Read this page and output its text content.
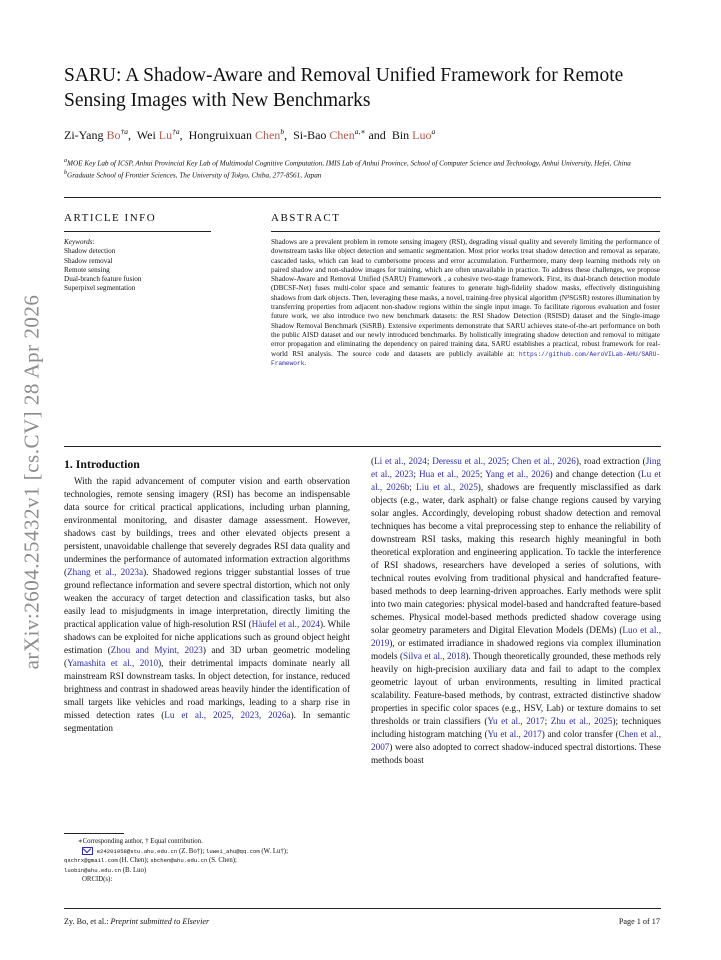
arXiv:2604.25432v1 [cs.CV] 28 Apr 2026
SARU: A Shadow-Aware and Removal Unified Framework for Remote Sensing Images with New Benchmarks
Zi-Yang Bo$^{\dagger a}$, Wei Lu$^{\dagger a}$, Hongruixuan Chen$^b$, Si-Bao Chen$^{a,∗}$ and Bin Luo$^a$
$^a$MOE Key Lab of ICSP, Anhui Provincial Key Lab of Multimodal Cognitive Computation, IMIS Lab of Anhui Province, School of Computer Science and Technology, Anhui University, Hefei, China
$^b$Graduate School of Frontier Sciences, The University of Tokyo, Chiba, 277-8561, Japan
ARTICLE INFO	ABSTRACT
Keywords:
Shadow detection
Shadow removal
Remote sensing
Dual-branch feature fusion
Superpixel segmentation
Shadows are a prevalent problem in remote sensing imagery (RSI), degrading visual quality and severely limiting the performance of downstream tasks like object detection and semantic segmentation. Most prior works treat shadow detection and removal as separate, cascaded tasks, which can lead to cumbersome process and error accumulation. Furthermore, many deep learning methods rely on paired shadow and non-shadow images for training, which are often unavailable in practice. To address these challenges, we propose Shadow-Aware and Removal Unified (SARU) Framework , a cohesive two-stage framework. First, its dual-branch detection module (DBCSF-Net) fuses multi-color space and semantic features to generate high-fidelity shadow masks, effectively distinguishing shadows from dark objects. Then, leveraging these masks, a novel, training-free physical algorithm (N²SGSR) restores illumination by transferring properties from adjacent non-shadow regions within the single input image. To facilitate rigorous evaluation and foster future work, we also introduce two new benchmark datasets: the RSI Shadow Detection (RSISD) dataset and the Single-image Shadow Removal Benchmark (SiSRB). Extensive experiments demonstrate that SARU achieves state-of-the-art performance on both the public AISD dataset and our newly introduced benchmarks. By holistically integrating shadow detection and removal to mitigate error propagation and eliminating the dependency on paired training data, SARU establishes a practical, robust framework for real-world RSI analysis. The source code and datasets are publicly available at: https://github.com/AeroVILab-AHU/SARU-Framework.
1. Introduction

With the rapid advancement of computer vision and earth observation technologies, remote sensing imagery (RSI) has become an indispensable data source for critical practical applications, including urban planning, environmental monitoring, and disaster damage assessment. However, shadows cast by buildings, trees and other elevated objects present a persistent, unavoidable challenge that severely degrades RSI data quality and undermines the performance of automated information extraction algorithms (Zhang et al., 2023a). Shadowed regions trigger substantial losses of true ground reflectance information and severe spectral distortion, which not only weaken the accuracy of target detection and classification tasks, but also easily lead to misjudgments in image interpretation, directly limiting the practical application value of high-resolution RSI (Häufel et al., 2024). While shadows can be exploited for niche applications such as ground object height estimation (Zhou and Myint, 2023) and 3D urban geometric modeling (Yamashita et al., 2010), their detrimental impacts dominate nearly all mainstream RSI downstream tasks. In object detection, for instance, reduced brightness and contrast in shadowed areas heavily hinder the identification of small targets like vehicles and road markings, leading to a sharp rise in missed detection rates (Lu et al., 2025, 2023, 2026a). In semantic segmentation

(Li et al., 2024; Deressu et al., 2025; Chen et al., 2026), road extraction (Jing et al., 2023; Hua et al., 2025; Yang et al., 2026) and change detection (Lu et al., 2026b; Liu et al., 2025), shadows are frequently misclassified as dark objects (e.g., water, dark asphalt) or false change regions caused by varying solar angles. Accordingly, developing robust shadow detection and removal techniques has become a vital preprocessing step to enhance the reliability of downstream RSI tasks, making this research highly meaningful in both theoretical exploration and engineering application. To tackle the interference of RSI shadows, researchers have developed a series of solutions, with technical routes evolving from traditional physical and handcrafted feature-based methods to deep learning-driven approaches. Early methods were split into two main categories: physical model-based and handcrafted feature-based schemes. Physical model-based methods predicted shadow coverage using solar geometry parameters and Digital Elevation Models (DEMs) (Luo et al., 2019), or estimated irradiance in shadowed regions via complex illumination models (Silva et al., 2018). Though theoretically grounded, these methods rely heavily on high-precision auxiliary data and fail to adapt to the complex geometric layout of urban environments, resulting in limited practical scalability. Feature-based methods, by contrast, extracted distinctive shadow properties in specific color spaces (e.g., HSV, Lab) or texture domains to set thresholds or train classifiers (Yu et al., 2017; Zhu et al., 2025); techniques including histogram matching (Yu et al., 2017) and color transfer (Chen et al., 2007) were also adopted to correct shadow-induced spectral distortions. These methods boast

∗Corresponding author, † Equal contribution.
e24201058@stu.ahu.edu.cn (Z. Bo†); luwei_ahu@qq.com (W. Lu†);
qschrx@gmail.com (H. Chen); sbchen@ahu.edu.cn (S. Chen);
luobin@ahu.edu.cn (B. Luo)
ORCID(s):
Zy. Bo, et al.: Preprint submitted to Elsevier	Page 1 of 17
